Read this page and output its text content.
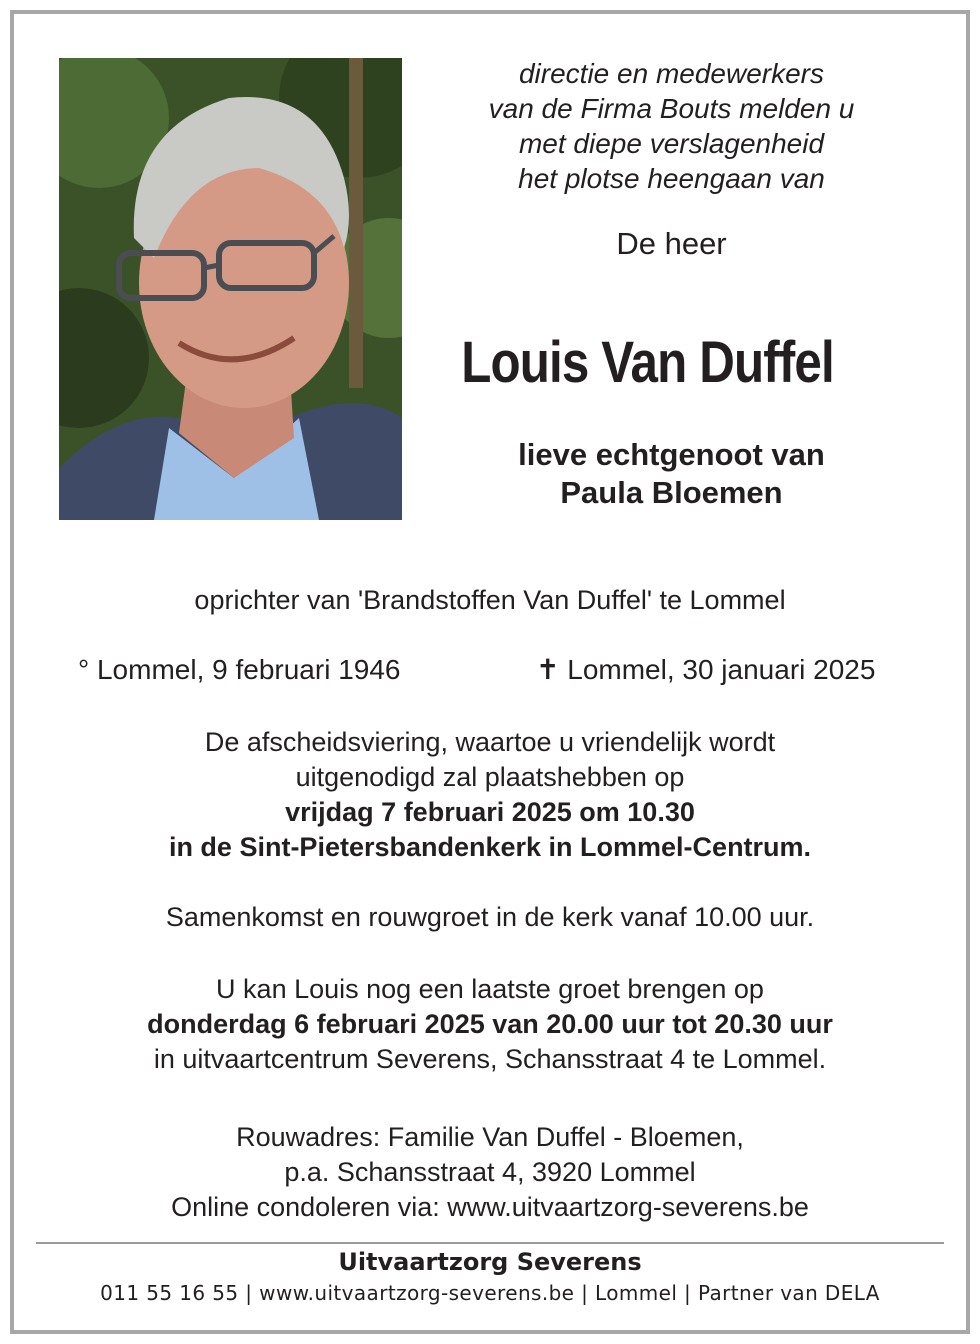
directie en medewerkers
van de Firma Bouts melden u
met diepe verslagenheid
het plotse heengaan van
De heer
Louis Van Duffel
lieve echtgenoot van
Paula Bloemen
oprichter van 'Brandstoffen Van Duffel' te Lommel
° Lommel, 9 februari 1946	✝ Lommel, 30 januari 2025
De afscheidsviering, waartoe u vriendelijk wordt
uitgenodigd zal plaatshebben op
vrijdag 7 februari 2025 om 10.30
in de Sint-Pietersbandenkerk in Lommel-Centrum.
Samenkomst en rouwgroet in de kerk vanaf 10.00 uur.
U kan Louis nog een laatste groet brengen op
donderdag 6 februari 2025 van 20.00 uur tot 20.30 uur
in uitvaartcentrum Severens, Schansstraat 4 te Lommel.
Rouwadres: Familie Van Duffel - Bloemen,
p.a. Schansstraat 4, 3920 Lommel
Online condoleren via: www.uitvaartzorg-severens.be
Uitvaartzorg Severens
011 55 16 55 | www.uitvaartzorg-severens.be | Lommel | Partner van DELA
